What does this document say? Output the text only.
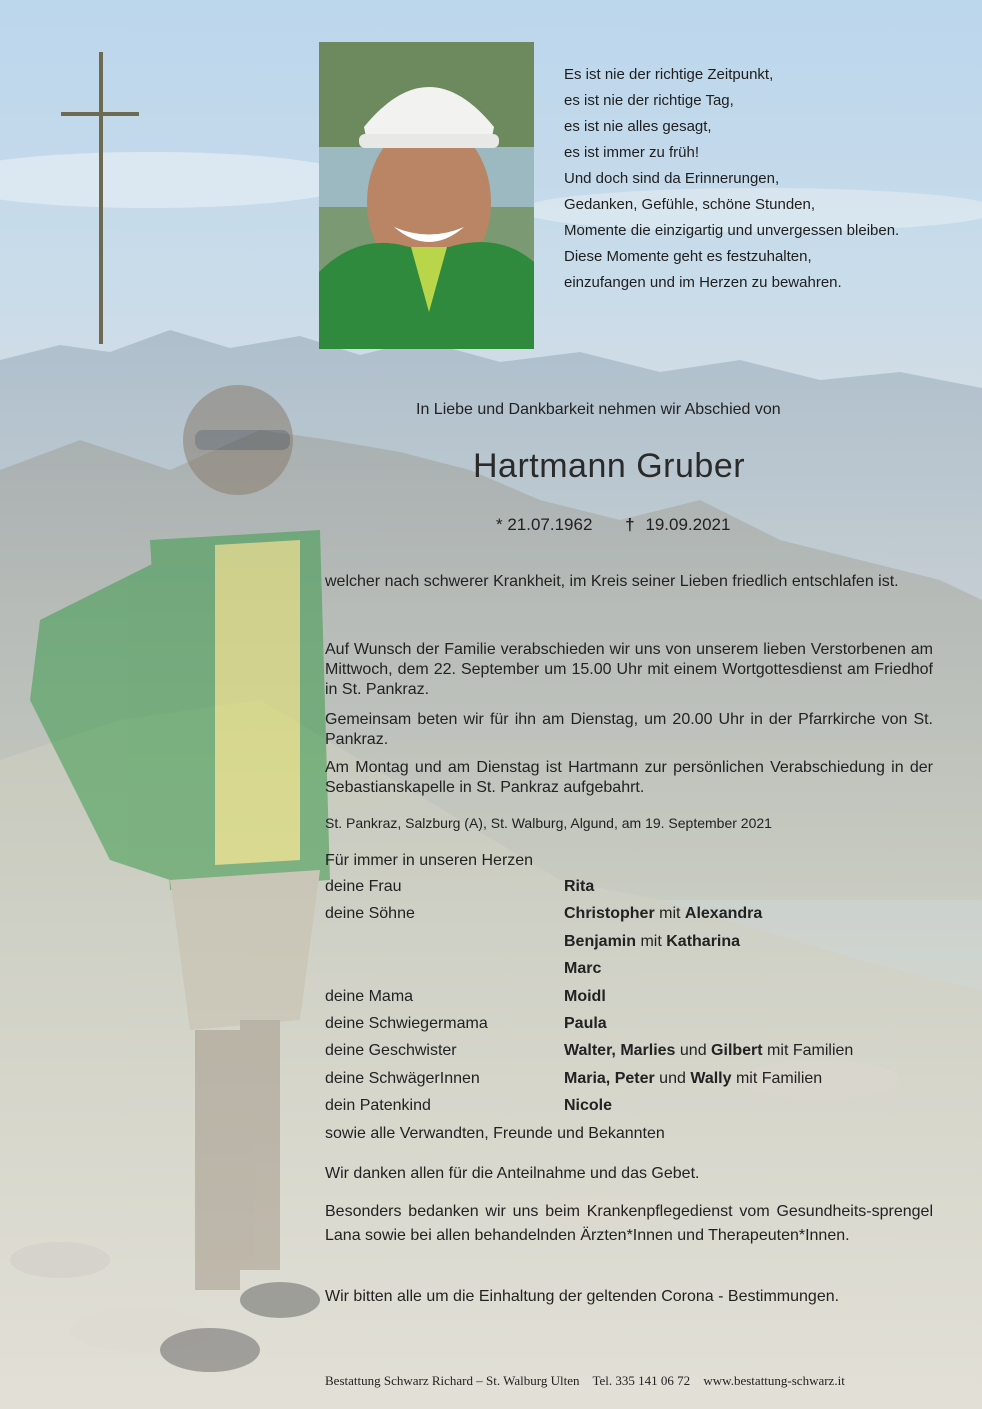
Es ist nie der richtige Zeitpunkt,
es ist nie der richtige Tag,
es ist nie alles gesagt,
es ist immer zu früh!
Und doch sind da Erinnerungen,
Gedanken, Gefühle, schöne Stunden,
Momente die einzigartig und unvergessen bleiben.
Diese Momente geht es festzuhalten,
einzufangen und im Herzen zu bewahren.
In Liebe und Dankbarkeit nehmen wir Abschied von
Hartmann Gruber
* 21.07.1962 † 19.09.2021
welcher nach schwerer Krankheit, im Kreis seiner Lieben friedlich entschlafen ist.
Auf Wunsch der Familie verabschieden wir uns von unserem lieben Verstorbenen am Mittwoch, dem 22. September um 15.00 Uhr mit einem Wortgottesdienst am Friedhof in St. Pankraz.
Gemeinsam beten wir für ihn am Dienstag, um 20.00 Uhr in der Pfarrkirche von St. Pankraz.
Am Montag und am Dienstag ist Hartmann zur persönlichen Verabschiedung in der Sebastianskapelle in St. Pankraz aufgebahrt.
St. Pankraz, Salzburg (A), St. Walburg, Algund, am 19. September 2021
Für immer in unseren Herzen
deine Frau	Rita
deine Söhne	Christopher mit Alexandra
Benjamin mit Katharina
Marc
deine Mama	Moidl
deine Schwiegermama	Paula
deine Geschwister	Walter, Marlies und Gilbert mit Familien
deine SchwägerInnen	Maria, Peter und Wally mit Familien
dein Patenkind	Nicole
sowie alle Verwandten, Freunde und Bekannten
Wir danken allen für die Anteilnahme und das Gebet.
Besonders bedanken wir uns beim Krankenpflegedienst vom Gesundheits-sprengel Lana sowie bei allen behandelnden Ärzten*Innen und Therapeuten*Innen.
Wir bitten alle um die Einhaltung der geltenden Corona - Bestimmungen.
Bestattung Schwarz Richard – St. Walburg Ulten Tel. 335 141 06 72 www.bestattung-schwarz.it
